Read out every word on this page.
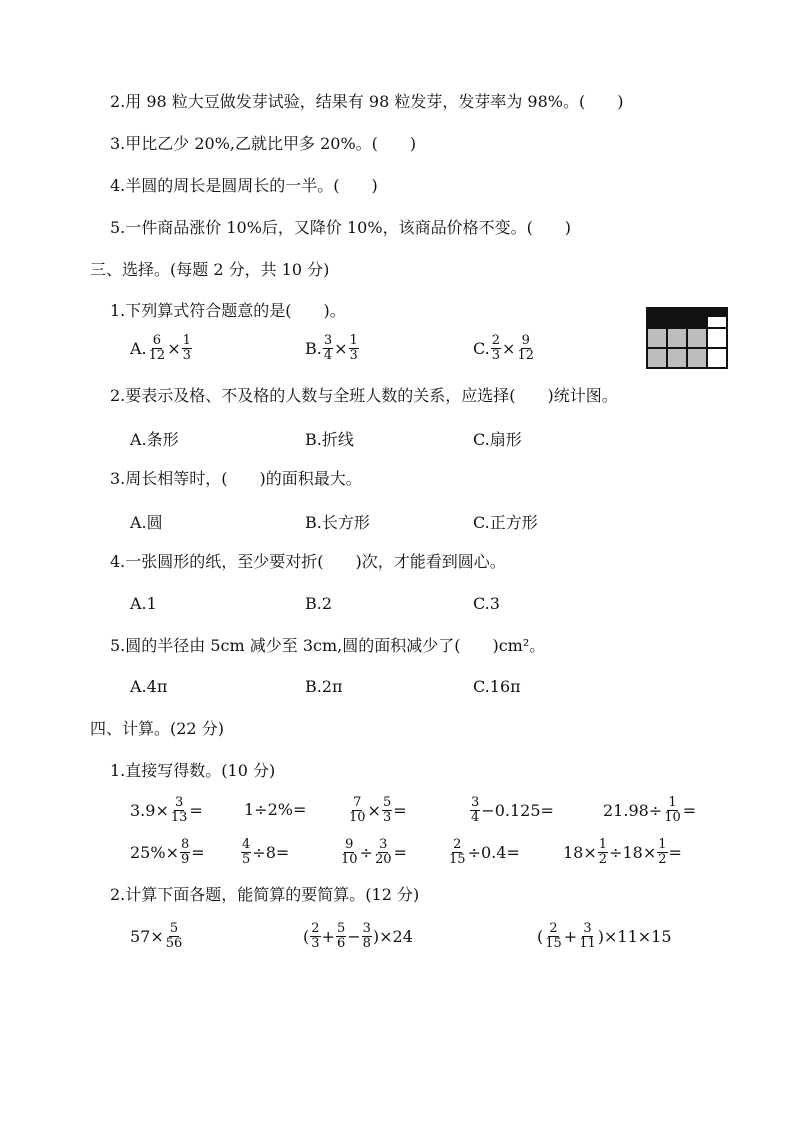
2.用 98 粒大豆做发芽试验，结果有 98 粒发芽，发芽率为 98%。(　　)
3.甲比乙少 20%,乙就比甲多 20%。(　　)
4.半圆的周长是圆周长的一半。(　　)
5.一件商品涨价 10%后，又降价 10%，该商品价格不变。(　　)
三、选择。(每题 2 分，共 10 分)
1.下列算式符合题意的是(　　)。
A. $\frac{6}{12} \times \frac{1}{3}$	B. $\frac{3}{4} \times \frac{1}{3}$	C. $\frac{2}{3} \times \frac{9}{12}$
2.要表示及格、不及格的人数与全班人数的关系，应选择(　　)统计图。
A.条形	B.折线	C.扇形
3.周长相等时，(　　)的面积最大。
A.圆	B.长方形	C.正方形
4.一张圆形的纸，至少要对折(　　)次，才能看到圆心。
A.1	B.2	C.3
5.圆的半径由 5cm 减少至 3cm,圆的面积减少了(　　)cm²。
A.4π	B.2π	C.16π
四、计算。(22 分)
1.直接写得数。(10 分)
$3.9\times \frac{3}{13}$ =	1÷2%=	$\frac{7}{10} \times \frac{5}{3}$ =	$\frac{3}{4} -0.125=$	$21.98\div \frac{1}{10}$ =
$25\%\times \frac{8}{9}$ =	$\frac{4}{5} \div 8=$	$\frac{9}{10} \div \frac{3}{20}$ =	$\frac{2}{15} \div 0.4=$	$18\times \frac{1}{2} \div 18\times \frac{1}{2}$ =
2.计算下面各题，能简算的要简算。(12 分)
$57\times \frac{5}{56}$	( $\frac{2}{3} + \frac{5}{6} - \frac{3}{8} )\times 24$	( $\frac{2}{15} + \frac{3}{11} )\times 11\times 15$
